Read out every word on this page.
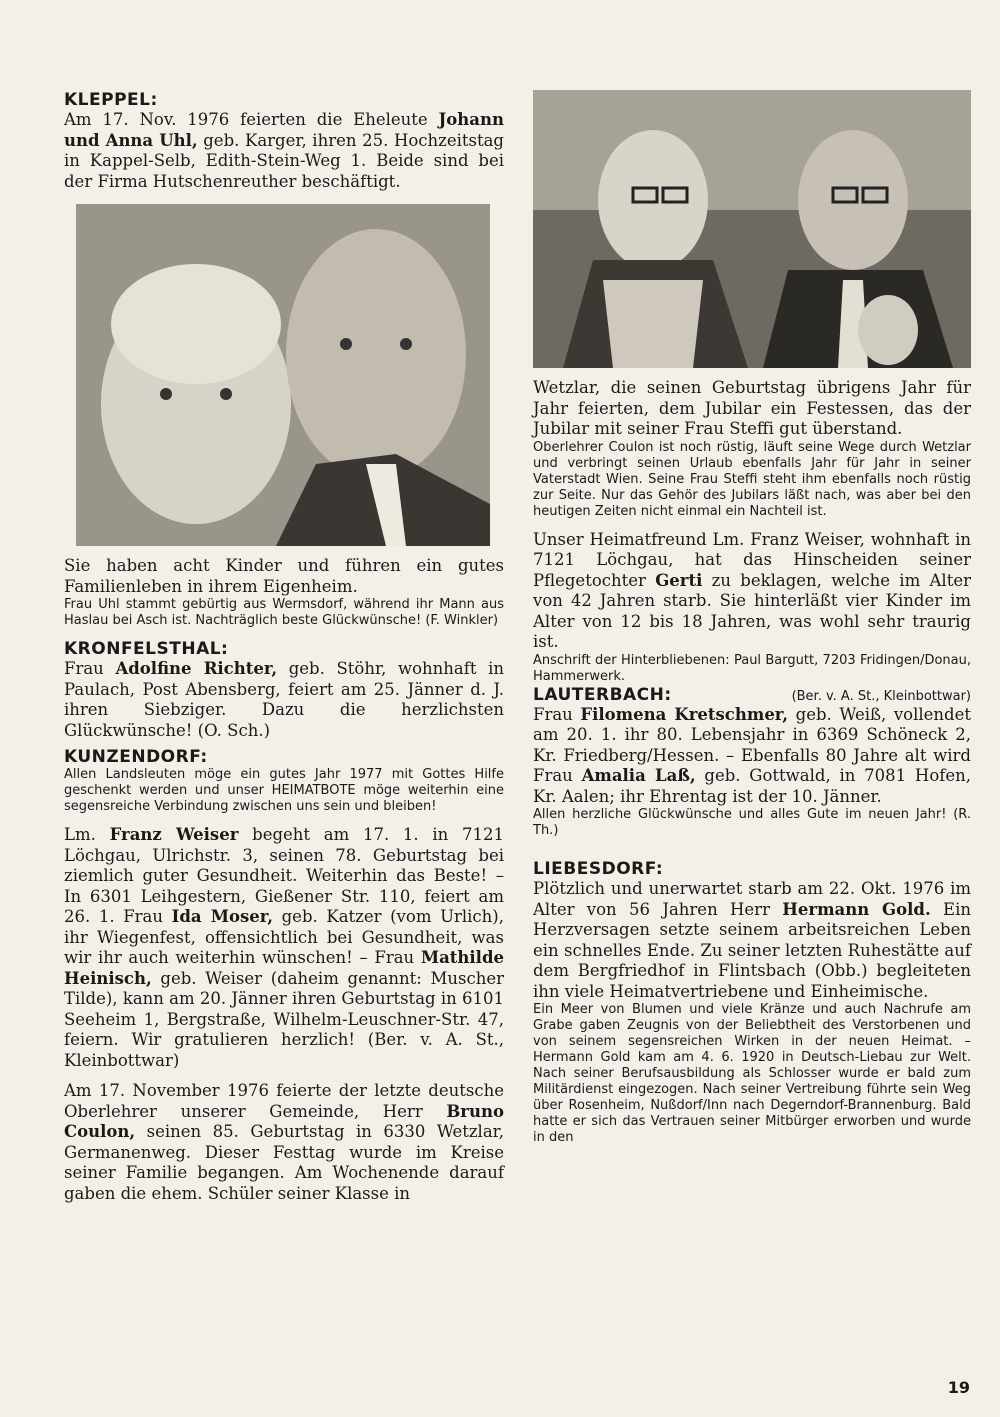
KLEPPEL:

Am 17. Nov. 1976 feierten die Eheleute Johann und Anna Uhl, geb. Karger, ihren 25. Hochzeitstag in Kappel-Selb, Edith-Stein-Weg 1. Beide sind bei der Firma Hutschenreuther beschäftigt.

Sie haben acht Kinder und führen ein gutes Familienleben in ihrem Eigenheim.

Frau Uhl stammt gebürtig aus Wermsdorf, während ihr Mann aus Haslau bei Asch ist. Nachträglich beste Glückwünsche! (F. Winkler)

KRONFELSTHAL:

Frau Adolfine Richter, geb. Stöhr, wohnhaft in Paulach, Post Abensberg, feiert am 25. Jänner d. J. ihren Siebziger. Dazu die herzlichsten Glückwünsche! (O. Sch.)

KUNZENDORF:

Allen Landsleuten möge ein gutes Jahr 1977 mit Gottes Hilfe geschenkt werden und unser HEIMATBOTE möge weiterhin eine segensreiche Verbindung zwischen uns sein und bleiben!

Lm. Franz Weiser begeht am 17. 1. in 7121 Löchgau, Ulrichstr. 3, seinen 78. Geburtstag bei ziemlich guter Gesundheit. Weiterhin das Beste! – In 6301 Leihgestern, Gießener Str. 110, feiert am 26. 1. Frau Ida Moser, geb. Katzer (vom Urlich), ihr Wiegenfest, offensichtlich bei Gesundheit, was wir ihr auch weiterhin wünschen! – Frau Mathilde Heinisch, geb. Weiser (daheim genannt: Muscher Tilde), kann am 20. Jänner ihren Geburtstag in 6101 Seeheim 1, Bergstraße, Wilhelm-Leuschner-Str. 47, feiern. Wir gratulieren herzlich! (Ber. v. A. St., Kleinbottwar)

Am 17. November 1976 feierte der letzte deutsche Oberlehrer unserer Gemeinde, Herr Bruno Coulon, seinen 85. Geburtstag in 6330 Wetzlar, Germanenweg. Dieser Festtag wurde im Kreise seiner Familie begangen. Am Wochenende darauf gaben die ehem. Schüler seiner Klasse in

Wetzlar, die seinen Geburtstag übrigens Jahr für Jahr feierten, dem Jubilar ein Festessen, das der Jubilar mit seiner Frau Steffi gut überstand.

Oberlehrer Coulon ist noch rüstig, läuft seine Wege durch Wetzlar und verbringt seinen Urlaub ebenfalls Jahr für Jahr in seiner Vaterstadt Wien. Seine Frau Steffi steht ihm ebenfalls noch rüstig zur Seite. Nur das Gehör des Jubilars läßt nach, was aber bei den heutigen Zeiten nicht einmal ein Nachteil ist.

Unser Heimatfreund Lm. Franz Weiser, wohnhaft in 7121 Löchgau, hat das Hinscheiden seiner Pflegetochter Gerti zu beklagen, welche im Alter von 42 Jahren starb. Sie hinterläßt vier Kinder im Alter von 12 bis 18 Jahren, was wohl sehr traurig ist.

Anschrift der Hinterbliebenen: Paul Bargutt, 7203 Fridingen/Donau, Hammerwerk.

LAUTERBACH:	(Ber. v. A. St., Kleinbottwar)

Frau Filomena Kretschmer, geb. Weiß, vollendet am 20. 1. ihr 80. Lebensjahr in 6369 Schöneck 2, Kr. Friedberg/Hessen. – Ebenfalls 80 Jahre alt wird Frau Amalia Laß, geb. Gottwald, in 7081 Hofen, Kr. Aalen; ihr Ehrentag ist der 10. Jänner.

Allen herzliche Glückwünsche und alles Gute im neuen Jahr! (R. Th.)

LIEBESDORF:

Plötzlich und unerwartet starb am 22. Okt. 1976 im Alter von 56 Jahren Herr Hermann Gold. Ein Herzversagen setzte seinem arbeitsreichen Leben ein schnelles Ende. Zu seiner letzten Ruhestätte auf dem Bergfriedhof in Flintsbach (Obb.) begleiteten ihn viele Heimatvertriebene und Einheimische.

Ein Meer von Blumen und viele Kränze und auch Nachrufe am Grabe gaben Zeugnis von der Beliebtheit des Verstorbenen und von seinem segensreichen Wirken in der neuen Heimat. – Hermann Gold kam am 4. 6. 1920 in Deutsch-Liebau zur Welt. Nach seiner Berufsausbildung als Schlosser wurde er bald zum Militärdienst eingezogen. Nach seiner Vertreibung führte sein Weg über Rosenheim, Nußdorf/Inn nach Degerndorf-Brannenburg. Bald hatte er sich das Vertrauen seiner Mitbürger erworben und wurde in den

19
